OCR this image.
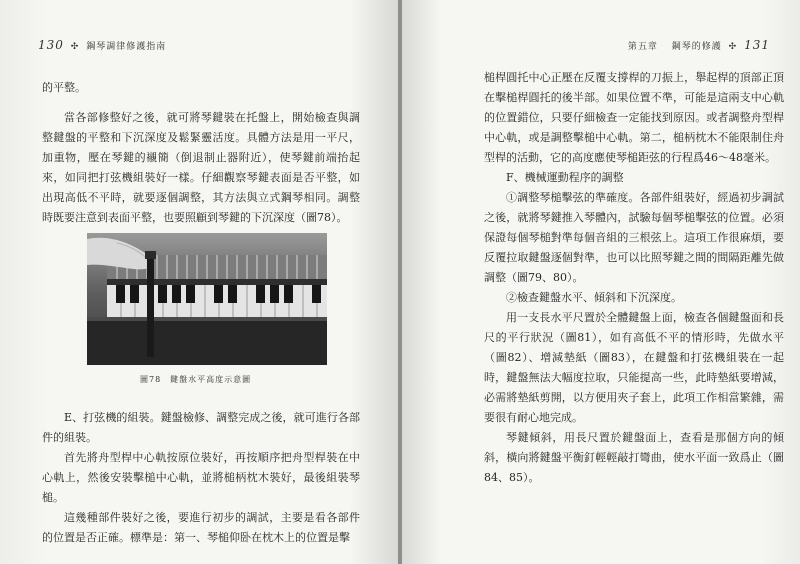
130 ✣ 鋼琴調律修護指南

的平整。

當各部修整好之後，就可將琴鍵裝在托盤上，開始檢查與調整鍵盤的平整和下沉深度及鬆緊靈活度。具體方法是用一平尺，加重物，壓在琴鍵的襯簡（倒退制止器附近），使琴鍵前端抬起來，如同把打弦機組裝好一樣。仔細觀察琴鍵表面是否平整，如出現高低不平時，就要逐個調整，其方法與立式鋼琴相同。調整時既要注意到表面平整，也要照顧到琴鍵的下沉深度（圖78）。

圖78　鍵盤水平高度示意圖

E、打弦機的組裝。鍵盤檢修、調整完成之後，就可進行各部件的組裝。

首先將舟型桿中心軌按原位裝好，再按順序把舟型桿裝在中心軌上，然後安裝擊槌中心軌，並將槌柄枕木裝好，最後組裝琴槌。

這幾種部件裝好之後，要進行初步的調試，主要是看各部件的位置是否正確。標準是：第一、琴槌仰卧在枕木上的位置是擊

第五章 鋼琴的修護 ✣ 131

槌桿圓托中心正壓在反覆支撐桿的刀振上，舉起桿的頂部正頂在擊槌桿圓托的後半部。如果位置不準，可能是這兩支中心軌的位置錯位，只要仔細檢查一定能找到原因。或者調整舟型桿中心軌，或是調整擊槌中心軌。第二，槌柄枕木不能限制住舟型桿的活動，它的高度應使琴槌距弦的行程爲46～48毫米。

F、機械運動程序的調整

①調整琴槌擊弦的準確度。各部件組裝好，經過初步調試之後，就將琴鍵推入琴體內，試驗每個琴槌擊弦的位置。必須保證每個琴槌對準每個音組的三根弦上。這項工作很麻煩，要反覆拉取鍵盤逐個對準，也可以比照琴鍵之間的間隔距離先做調整（圖79、80）。

②檢查鍵盤水平、傾斜和下沉深度。

用一支長水平尺置於全體鍵盤上面，檢查各個鍵盤面和長尺的平行狀況（圖81），如有高低不平的情形時，先做水平（圖82）、增減墊紙（圖83），在鍵盤和打弦機組裝在一起時，鍵盤無法大幅度拉取，只能提高一些，此時墊紙要增減，必需將墊紙剪開，以方便用夾子套上，此項工作相當繁雜，需要很有耐心地完成。

琴鍵傾斜，用長尺置於鍵盤面上，查看是那個方向的傾斜，橫向將鍵盤平衡釘輕輕敲打彎曲，使水平面一致爲止（圖84、85）。
